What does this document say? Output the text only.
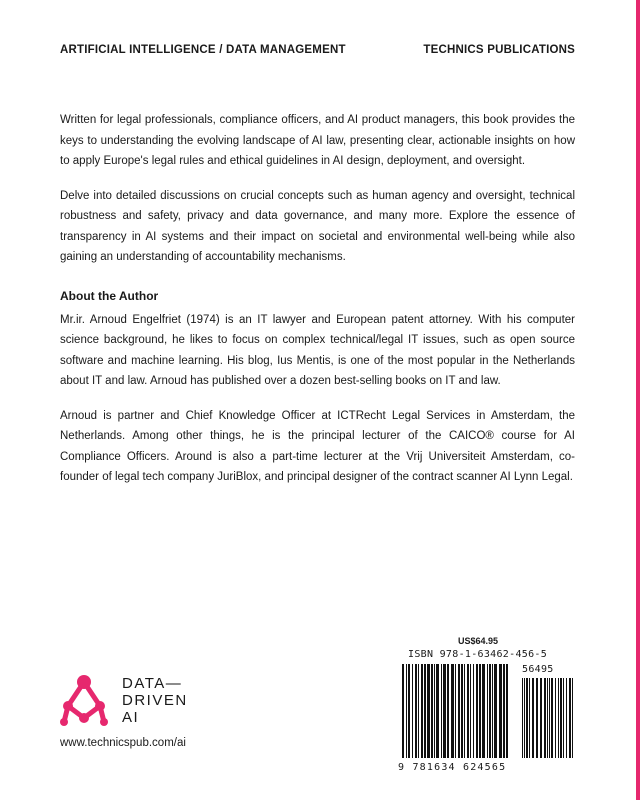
ARTIFICIAL INTELLIGENCE / DATA MANAGEMENT	TECHNICS PUBLICATIONS

Written for legal professionals, compliance officers, and AI product managers, this book provides the keys to understanding the evolving landscape of AI law, presenting clear, actionable insights on how to apply Europe's legal rules and ethical guidelines in AI design, deployment, and oversight.

Delve into detailed discussions on crucial concepts such as human agency and oversight, technical robustness and safety, privacy and data governance, and many more. Explore the essence of transparency in AI systems and their impact on societal and environmental well-being while also gaining an understanding of accountability mechanisms.

About the Author

Mr.ir. Arnoud Engelfriet (1974) is an IT lawyer and European patent attorney. With his computer science background, he likes to focus on complex technical/legal IT issues, such as open source software and machine learning. His blog, Ius Mentis, is one of the most popular in the Netherlands about IT and law. Arnoud has published over a dozen best-selling books on IT and law.

Arnoud is partner and Chief Knowledge Officer at ICTRecht Legal Services in Amsterdam, the Netherlands. Among other things, he is the principal lecturer of the CAICO® course for AI Compliance Officers. Around is also a part-time lecturer at the Vrij Universiteit Amsterdam, co-founder of legal tech company JuriBlox, and principal designer of the contract scanner AI Lynn Legal.

DATA—
DRIVEN
AI
www.technicspub.com/ai
US$64.95
ISBN 978-1-63462-456-5
56495
9 781634 624565
